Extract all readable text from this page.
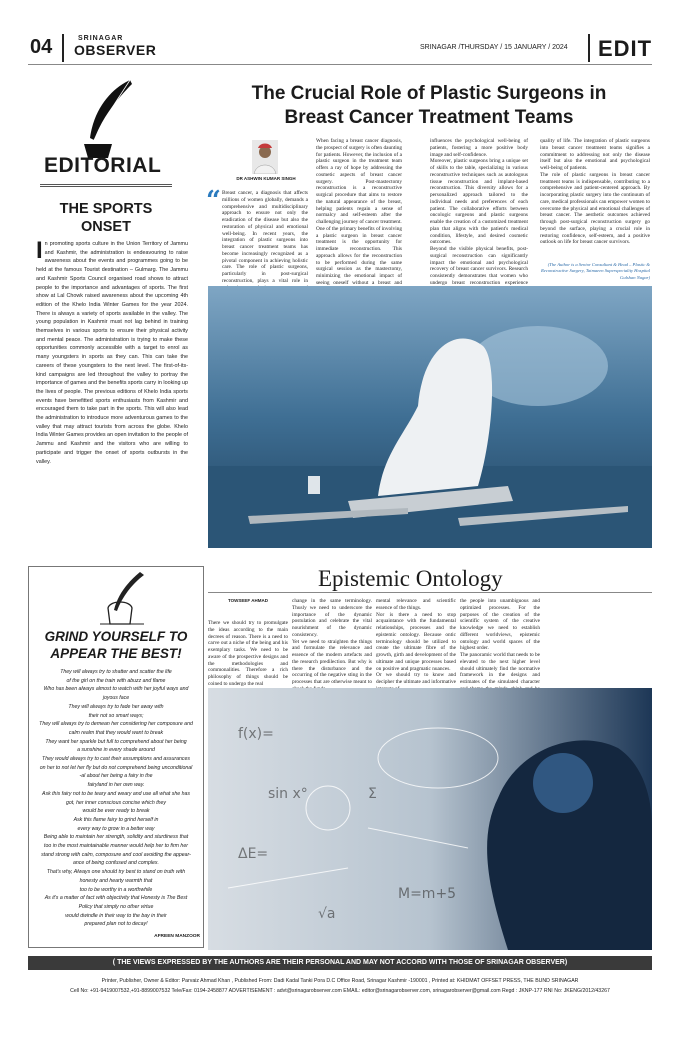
04	SRINAGAR
OBSERVER	SRINAGAR /THURSDAY / 15 JANUARY / 2024 EDIT
EDITORIAL
THE SPORTS ONSET
In promoting sports culture in the Union Territory of Jammu and Kashmir, the administration is endeavouring to raise awareness about the events and programmes going to be held at the famous Tourist destination – Gulmarg. The Jammu and Kashmir Sports Council organised road shows to attract people to the importance and advantages of sports. The first show at Lal Chowk raised awareness about the upcoming 4th edition of the Khelo India Winter Games for the year 2024. There is always a variety of sports available in the valley. The young population in Kashmir must not lag behind in training themselves in various sports to ensure their physical activity and mental peace. The administration is trying to make these opportunities commonly accessible with a target to enrol as many youngsters in sports as they can. This can take the careers of these youngsters to the next level. The first-of-its-kind campaigns are led throughout the valley to portray the importance of games and the benefits sports carry in looking up the lives of people. The previous editions of Khelo India sports events have benefitted sports enthusiasts from Kashmir and encouraged them to take part in the sports. This will also lead the administration to introduce more adventurous games to the valley that may attract tourists from across the globe. Khelo India Winter Games provides an open invitation to the people of Jammu and Kashmir and the visitors who are willing to participate and trigger the onset of sports outbursts in the valley.
GRIND YOURSELF TO APPEAR THE BEST!
They will always try to shatter and scatter the life
of the girl on the train with abuzz and flame
Who has been always almost to watch with her joyful ways and
joyous face
They will always try to fade her away with
their not so smart ways;
They will always try to demean her considering her composure and
calm realm that they would want to break
They want her sparkle but full to comprehend about her being
a sunshine in every shade around
They would always try to cast their assumptions and assurances
on her to not let her fly but do not comprehend being unconditional
-al about her being a fairy in the
fairyland in her own way.
Ask this fairy not to be teary and weary and use all what she has
got, her inner conscious concise which they
would be ever ready to break
Ask this flame fairy to grind herself in
every way to grow in a better way
Being able to maintain her strength, solidity and sturdiness that
too in the most maintainable manner would help her to firm her
stand strong with calm, composure and cool avoiding the appear-
ance of being confused and complex.
That's why, Always one should try best to stand on truth with
honesty and hearty warmth that
too to be worthy in a worthwhile
As it's a matter of fact with objectivity that Honesty is The Best
Policy that simply no other virtue
would dwindle in their way to the bay in their
prepared plan not to decay!
AFREEN MANZOOR
The Crucial Role of Plastic Surgeons in
Breast Cancer Treatment Teams
DR ASHWIN KUMAR SINGH
“ Breast cancer, a diagnosis that affects millions of women globally, demands a comprehensive and multidisciplinary approach to ensure not only the eradication of the disease but also the restoration of physical and emotional well-being. In recent years, the integration of plastic surgeons into breast cancer treatment teams has become increasingly recognized as a pivotal component in achieving holistic care. The role of plastic surgeons, particularly in post-surgical reconstruction, plays a vital role in
When facing a breast cancer diagnosis, the prospect of surgery is often daunting for patients. However, the inclusion of a plastic surgeon in the treatment team offers a ray of hope by addressing the cosmetic aspects of breast cancer surgery. Post-mastectomy reconstruction is a reconstructive surgical procedure that aims to restore the natural appearance of the breast, helping patients regain a sense of normalcy and self-esteem after the challenging journey of cancer treatment.
One of the primary benefits of involving a plastic surgeon in breast cancer treatment is the opportunity for immediate reconstruction. This approach allows for the reconstruction to be performed during the same surgical session as the mastectomy, minimizing the emotional impact of seeing oneself without a breast and
influences the psychological well-being of patients, fostering a more positive body image and self-confidence.
Moreover, plastic surgeons bring a unique set of skills to the table, specializing in various reconstructive techniques such as autologous tissue reconstruction and implant-based reconstruction. This diversity allows for a personalized approach tailored to the individual needs and preferences of each patient. The collaborative efforts between oncologic surgeons and plastic surgeons enable the creation of a customized treatment plan that aligns with the patient's medical condition, lifestyle, and desired cosmetic outcomes.
Beyond the visible physical benefits, post-surgical reconstruction can significantly impact the emotional and psychological recovery of breast cancer survivors. Research consistently demonstrates that women who undergo breast reconstruction experience
quality of life. The integration of plastic surgeons into breast cancer treatment teams signifies a commitment to addressing not only the disease itself but also the emotional and psychological well-being of patients.
The role of plastic surgeons in breast cancer treatment teams is indispensable, contributing to a comprehensive and patient-centered approach. By incorporating plastic surgery into the continuum of care, medical professionals can empower women to overcome the physical and emotional challenges of breast cancer. The aesthetic outcomes achieved through post-surgical reconstruction surgery go beyond the surface, playing a crucial role in restoring confidence, self-esteem, and a positive outlook on life for breast cancer survivors.
(The Author is a Senior Consultant & Head – Plastic & Reconstructive Surgery, Tatmaeen Superspeciality Hospital Gulshan Nagar)
Epistemic Ontology
TOWSEEF AHMAD
There we should try to promulgate the ideas according to the main decrees of reason. There is a need to carve out a niche of the being and his exemplary tasks. We need to be aware of the prospective designs and the methodologies and commonalities. Therefore a rich philosophy of things should be coined to undergo the real
change in the same terminology. Thusly we need to underscore the importance of the dynamic postulation and celebrate the vital nourishment of the dynamic consistency.
Yet we need to straighten the things and formulate the relevance and essence of the modern artefacts and the research predilection. But why is there the disturbance and the occurring of the negative sting in the processes that are otherwise meant to
mental relevance and scientific essence of the things.
Nor is there a need to stop acquaintance with the fundamental relationships, processes and the epistemic ontology. Because ontic terminology should be utilized to create the ultimate fibre of the growth, girth and development of the ultimate and unique processes based on positive and pragmatic nuances.
Or we should try to know and decipher the ultimate and informative
the people into unambiguous and optimized processes. For the purposes of the creation of the scientific system of the creative knowledge we need to establish different worldviews, epistemic ontology and world spaces of the highest order.
The panoramic world that needs to be elevated to the next higher level should ultimately find the normative framework in the designs and estimates of the simulated character
f(x)=
sin x°
ΔE=
√a
M=m+5
Σ
( THE VIEWS EXPRESSED BY THE AUTHORS ARE THEIR PERSONAL AND MAY NOT ACCORD WITH THOSE OF SRINAGAR OBSERVER)
Printer, Publisher, Owner & Editor: Parvaiz Ahmad Khan , Published From: Dadi Kadal Tanki Pora D.C Office Road, Srinagar Kashmir -190001 , Printed at: KHIDMAT OFFSET PRESS, THE BUND SRINAGAR
Cell No: +91-9419007532,+91-8899007532 Tele/Fax: 0194-2458877 ADVERTISEMENT : advt@srinagarobserver.com EMAIL: editor@srinagarobserver.com, srinagarobserver@gmail.com Regd : JKNP-177 RNI No: JKENG/2012/43267
